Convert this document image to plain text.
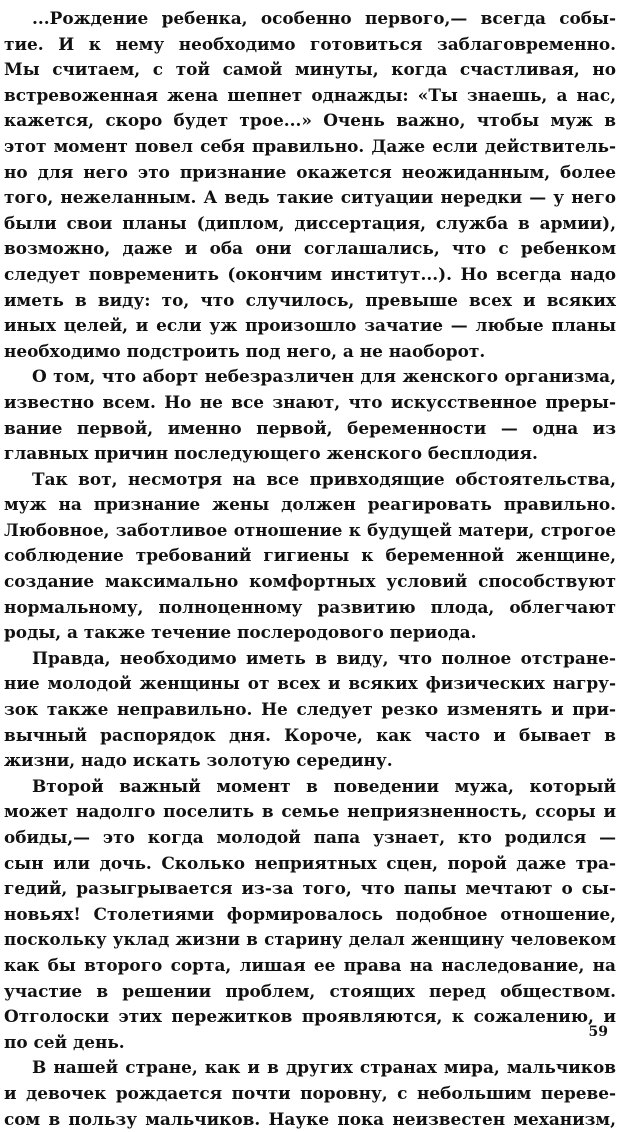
...Рождение ребенка, особенно первого,— всегда собы-
тие. И к нему необходимо готовиться заблаговременно.
Мы считаем, с той самой минуты, когда счастливая, но
встревоженная жена шепнет однажды: «Ты знаешь, а нас,
кажется, скоро будет трое...» Очень важно, чтобы муж в
этот момент повел себя правильно. Даже если действитель-
но для него это признание окажется неожиданным, более
того, нежеланным. А ведь такие ситуации нередки — у него
были свои планы (диплом, диссертация, служба в армии),
возможно, даже и оба они соглашались, что с ребенком
следует повременить (окончим институт...). Но всегда надо
иметь в виду: то, что случилось, превыше всех и всяких
иных целей, и если уж произошло зачатие — любые планы
необходимо подстроить под него, а не наоборот.
О том, что аборт небезразличен для женского организма,
известно всем. Но не все знают, что искусственное преры-
вание первой, именно первой, беременности — одна из
главных причин последующего женского бесплодия.
Так вот, несмотря на все привходящие обстоятельства,
муж на признание жены должен реагировать правильно.
Любовное, заботливое отношение к будущей матери, строгое
соблюдение требований гигиены к беременной женщине,
создание максимально комфортных условий способствуют
нормальному, полноценному развитию плода, облегчают
роды, а также течение послеродового периода.
Правда, необходимо иметь в виду, что полное отстране-
ние молодой женщины от всех и всяких физических нагру-
зок также неправильно. Не следует резко изменять и при-
вычный распорядок дня. Короче, как часто и бывает в
жизни, надо искать золотую середину.
Второй важный момент в поведении мужа, который
может надолго поселить в семье неприязненность, ссоры и
обиды,— это когда молодой папа узнает, кто родился —
сын или дочь. Сколько неприятных сцен, порой даже тра-
гедий, разыгрывается из-за того, что папы мечтают о сы-
новьях! Столетиями формировалось подобное отношение,
поскольку уклад жизни в старину делал женщину человеком
как бы второго сорта, лишая ее права на наследование, на
участие в решении проблем, стоящих перед обществом.
Отголоски этих пережитков проявляются, к сожалению, и
по сей день.
В нашей стране, как и в других странах мира, мальчиков
и девочек рождается почти поровну, с небольшим переве-
сом в пользу мальчиков. Науке пока неизвестен механизм,
59
